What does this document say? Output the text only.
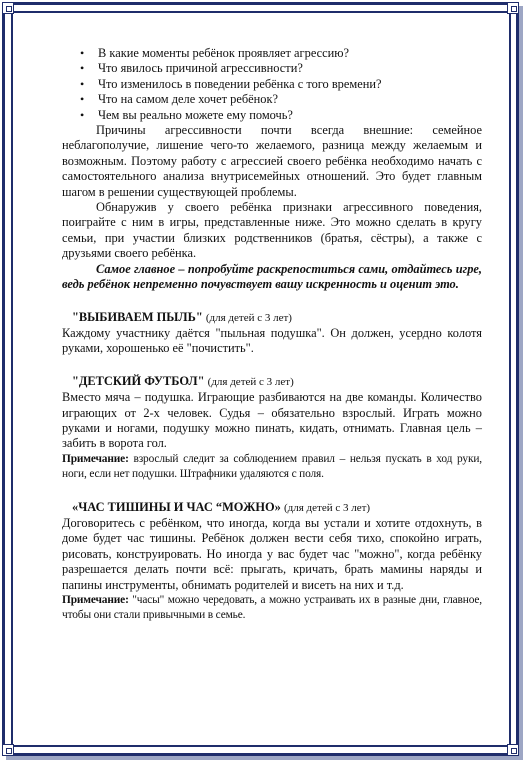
• В какие моменты ребёнок проявляет агрессию?
• Что явилось причиной агрессивности?
• Что изменилось в поведении ребёнка с того времени?
• Что на самом деле хочет ребёнок?
• Чем вы реально можете ему помочь?

Причины агрессивности почти всегда внешние: семейное неблагополучие, лишение чего-то желаемого, разница между желаемым и возможным. Поэтому работу с агрессией своего ребёнка необходимо начать с самостоятельного анализа внутрисемейных отношений. Это будет главным шагом в решении существующей проблемы.

Обнаружив у своего ребёнка признаки агрессивного поведения, поиграйте с ним в игры, представленные ниже. Это можно сделать в кругу семьи, при участии близких родственников (братья, сёстры), а также с друзьями своего ребёнка.

Самое главное – попробуйте раскрепоститься сами, отдайтесь игре, ведь ребёнок непременно почувствует вашу искренность и оценит это.

"ВЫБИВАЕМ ПЫЛЬ" (для детей с 3 лет)

Каждому участнику даётся "пыльная подушка". Он должен, усердно колотя руками, хорошенько её "почистить".

"ДЕТСКИЙ ФУТБОЛ" (для детей с 3 лет)

Вместо мяча – подушка. Играющие разбиваются на две команды. Количество играющих от 2-х человек. Судья – обязательно взрослый. Играть можно руками и ногами, подушку можно пинать, кидать, отнимать. Главная цель – забить в ворота гол.

Примечание: взрослый следит за соблюдением правил – нельзя пускать в ход руки, ноги, если нет подушки. Штрафники удаляются с поля.

«ЧАС ТИШИНЫ И ЧАС “МОЖНО» (для детей с 3 лет)

Договоритесь с ребёнком, что иногда, когда вы устали и хотите отдохнуть, в доме будет час тишины. Ребёнок должен вести себя тихо, спокойно играть, рисовать, конструировать. Но иногда у вас будет час "можно", когда ребёнку разрешается делать почти всё: прыгать, кричать, брать мамины наряды и папины инструменты, обнимать родителей и висеть на них и т.д.

Примечание: "часы" можно чередовать, а можно устраивать их в разные дни, главное, чтобы они стали привычными в семье.
